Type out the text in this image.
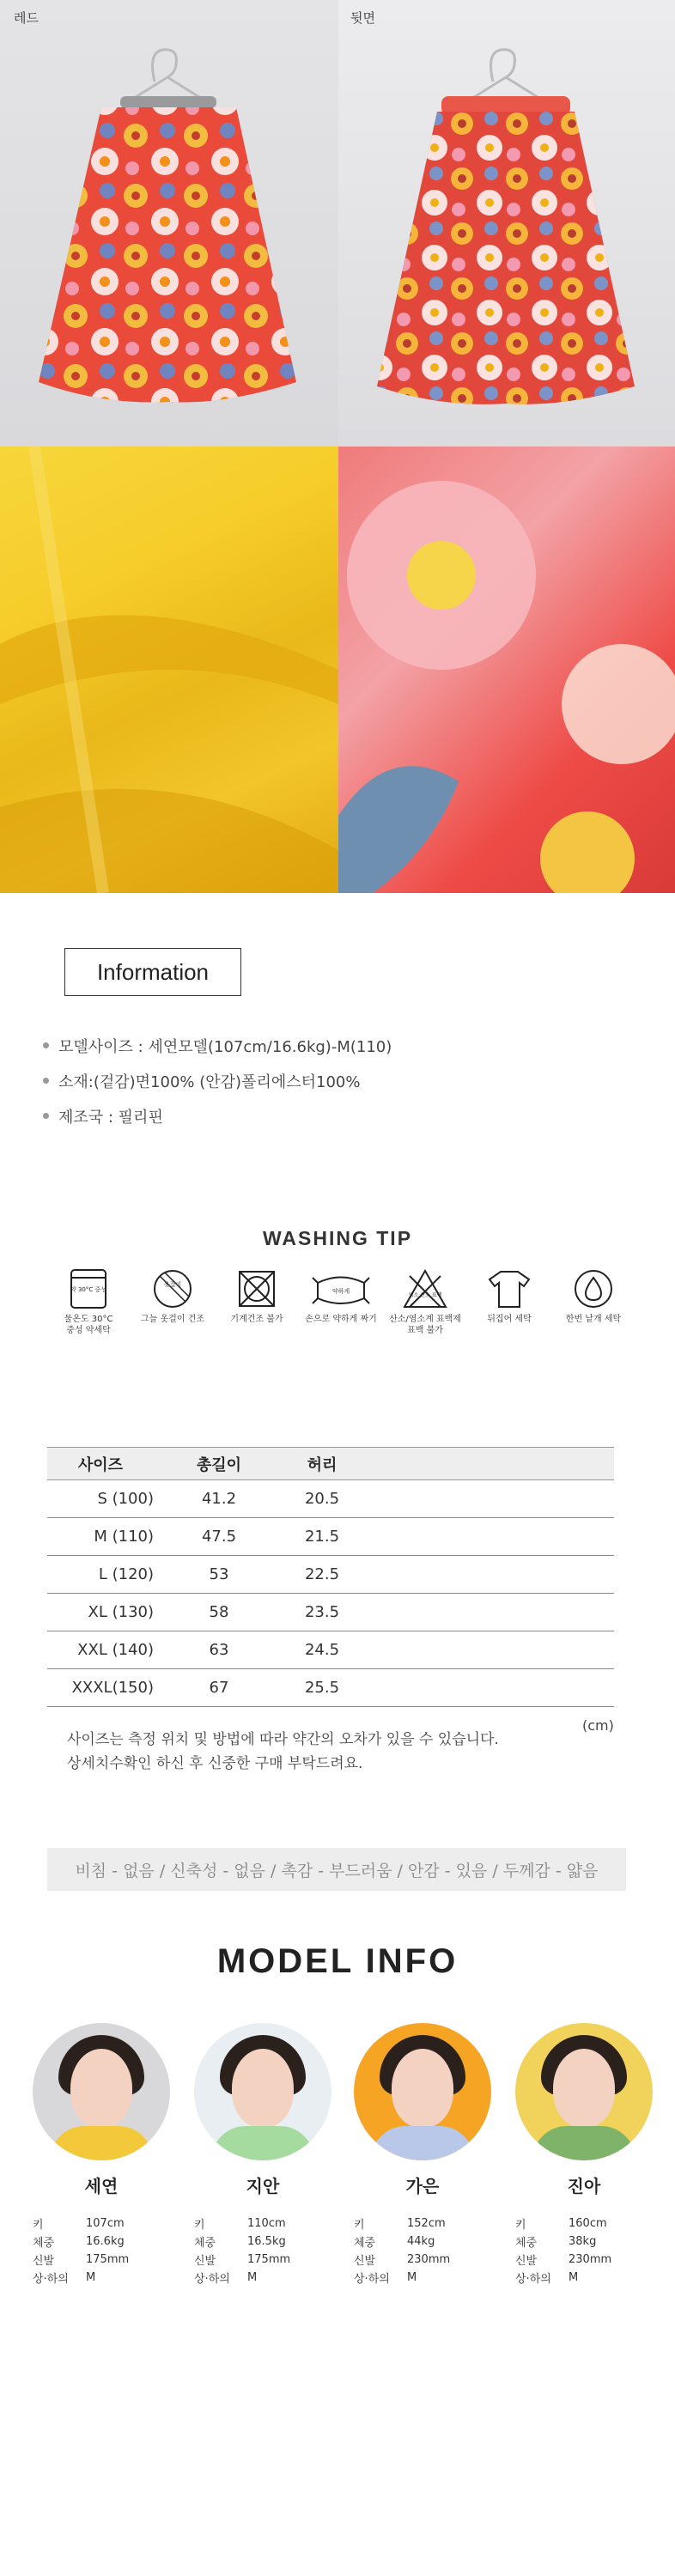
레드	뒷면
Information
모델사이즈 : 세연모델(107cm/16.6kg)-M(110)
소재:(겉감)면100% (안감)폴리에스터100%
제조국 : 필리핀
WASHING TIP
약 30°C 중성
물온도 30°C
중성 약세탁
옷걸이
그늘 옷걸이 건조	기계건조 불가
약하게
손으로 약하게 짜기
염소 산소 표백
산소/염소계 표백제
표백 불가
뒤집어 세탁	한번 낱개 세탁
사이즈	총길이	허리	
S (100)	41.2	20.5	
M (110)	47.5	21.5	
L (120)	53	22.5	
XL (130)	58	23.5	
XXL (140)	63	24.5	
XXXL(150)	67	25.5	
(cm)
사이즈는 측정 위치 및 방법에 따라 약간의 오차가 있을 수 있습니다.
상세치수확인 하신 후 신중한 구매 부탁드려요.
비침 - 없음 / 신축성 - 없음 / 촉감 - 부드러움 / 안감 - 있음 / 두께감 - 얇음
MODEL INFO
세연
키	107cm
체중	16.6kg
신발	175mm
상·하의	M
지안
키	110cm
체중	16.5kg
신발	175mm
상·하의	M
가은
키	152cm
체중	44kg
신발	230mm
상·하의	M
진아
키	160cm
체중	38kg
신발	230mm
상·하의	M
